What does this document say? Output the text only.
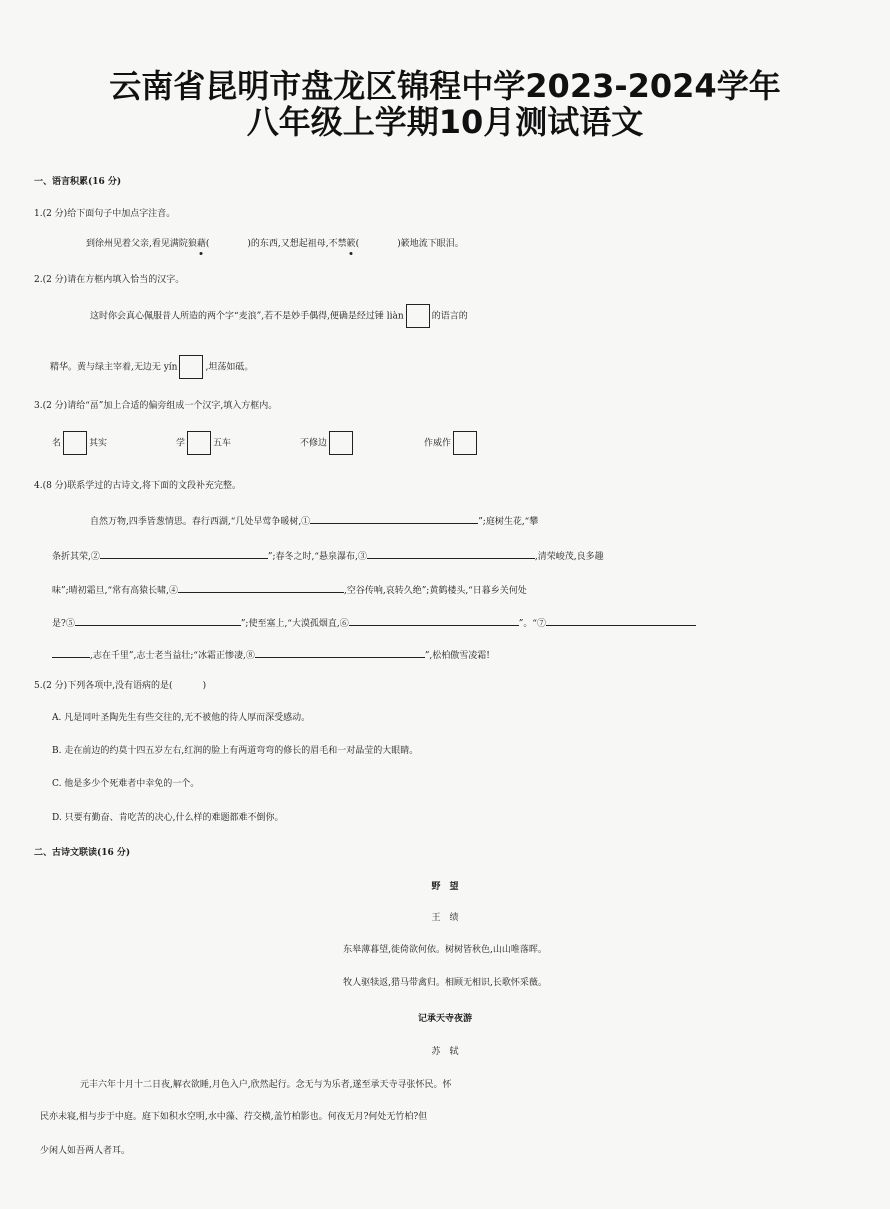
云南省昆明市盘龙区锦程中学2023-2024学年
八年级上学期10月测试语文
一、语言积累(16 分)
1.(2 分)给下面句子中加点字注音。
到徐州见着父亲,看见满院狼藉(	)的东西,又想起祖母,不禁簌(	)簌地流下眼泪。
2.(2 分)请在方框内填入恰当的汉字。
这时你会真心佩服昔人所造的两个字“麦浪”,若不是妙手偶得,便确是经过锤 liàn	的语言的
精华。黄与绿主宰着,无边无 yín	,坦荡如砥。
3.(2 分)请给“畐”加上合适的偏旁组成一个汉字,填入方框内。
名	其实	学	五车	不修边	作威作
4.(8 分)联系学过的古诗文,将下面的文段补充完整。
自然万物,四季皆葱情思。春行西湖,“几处早莺争暖树,①	”;庭树生花,“攀
条折其荣,②	”;春冬之时,“悬泉瀑布,③	,清荣峻茂,良多趣
味”;晴初霜旦,“常有高猿长啸,④	,空谷传响,哀转久绝”;黄鹤楼头,“日暮乡关何处
是?⑤	”;使至塞上,“大漠孤烟直,⑥	”。“⑦
,志在千里”,志士老当益壮;“冰霜正惨凄,⑧	”,松柏傲雪凌霜!
5.(2 分)下列各项中,没有语病的是(	)
A. 凡是同叶圣陶先生有些交往的,无不被他的待人厚而深受感动。
B. 走在前边的约莫十四五岁左右,红润的脸上有两道弯弯的修长的眉毛和一对晶莹的大眼睛。
C. 他是多少个死难者中幸免的一个。
D. 只要有勤奋、肯吃苦的决心,什么样的难题都难不倒你。
二、古诗文联读(16 分)
野　望
王　绩
东皋薄暮望,徙倚欲何依。树树皆秋色,山山唯落晖。
牧人驱犊返,猎马带禽归。相顾无相识,长歌怀采薇。
记承天寺夜游
苏　轼
元丰六年十月十二日夜,解衣欲睡,月色入户,欣然起行。念无与为乐者,遂至承天寺寻张怀民。怀
民亦未寝,相与步于中庭。庭下如积水空明,水中藻、荇交横,盖竹柏影也。何夜无月?何处无竹柏?但
少闲人如吾两人者耳。
